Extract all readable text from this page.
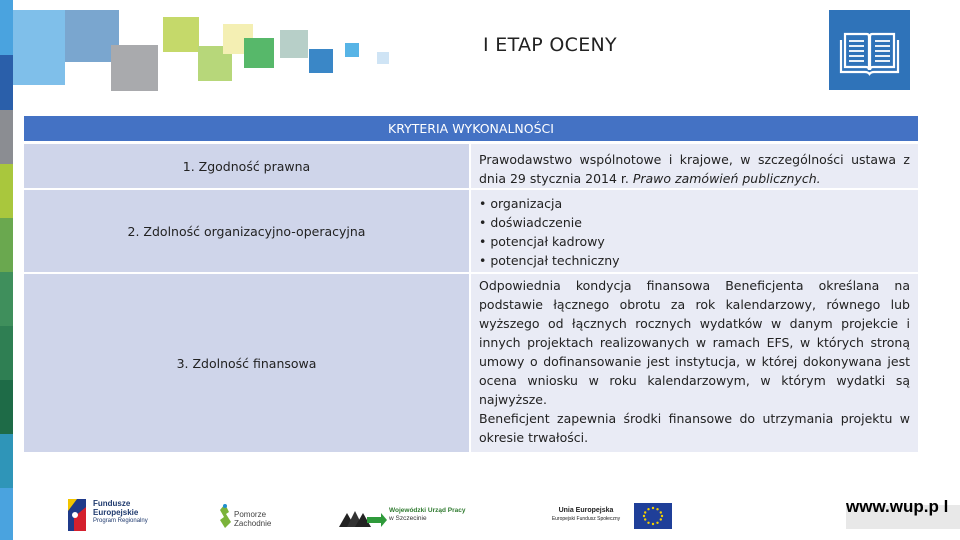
I ETAP OCENY
KRYTERIA WYKONALNOŚCI
1. Zgodność prawna	Prawodawstwo wspólnotowe i krajowe, w szczególności ustawa z dnia 29 stycznia 2014 r. Prawo zamówień publicznych.

2. Zdolność organizacyjno-operacyjna
• organizacja
• doświadczenie
• potencjał kadrowy
• potencjał techniczny
3. Zdolność finansowa

Odpowiednia kondycja finansowa Beneficjenta określana na podstawie łącznego obrotu za rok kalendarzowy, równego lub wyższego od łącznych rocznych wydatków w danym projekcie i innych projektach realizowanych w ramach EFS, w których stroną umowy o dofinansowanie jest instytucja, w której dokonywana jest ocena wniosku w roku kalendarzowym, w którym wydatki są najwyższe.

Beneficjent zapewnia środki finansowe do utrzymania projektu w okresie trwałości.

Fundusze
Europejskie
Program Regionalny
Pomorze
Zachodnie
Wojewódzki Urząd Pracy
w Szczecinie
Unia Europejska
Europejski Fundusz Społeczny
www.wup.p l
